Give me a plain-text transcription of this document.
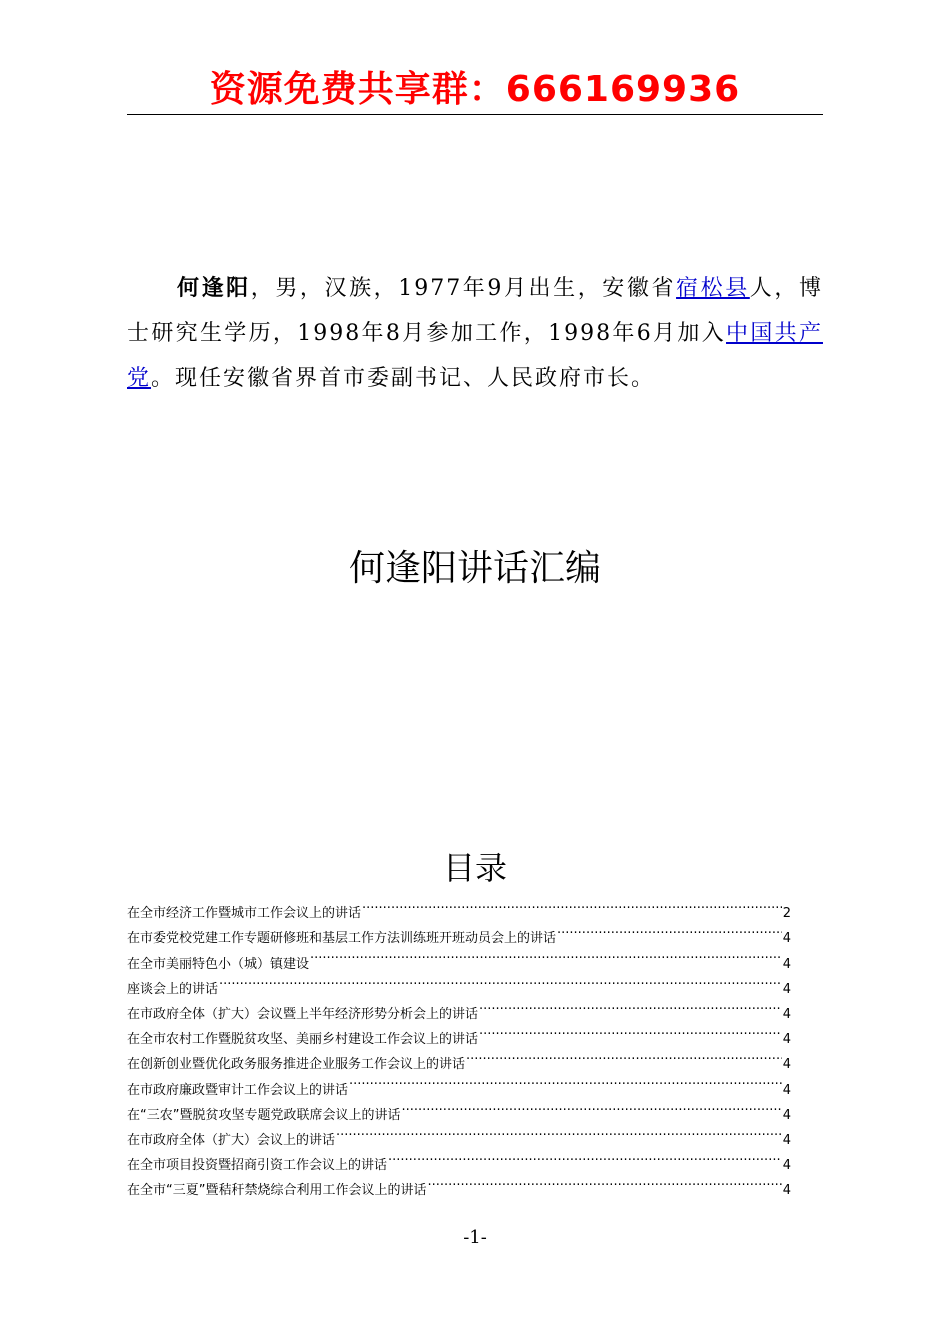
资源免费共享群：666169936

何逢阳，男，汉族，1977年9月出生，安徽省宿松县人，博士研究生学历，1998年8月参加工作，1998年6月加入中国共产党。现任安徽省界首市委副书记、人民政府市长。

何逢阳讲话汇编
目录
在全市经济工作暨城市工作会议上的讲话 .....	2
在市委党校党建工作专题研修班和基层工作方法训练班开班动员会上的讲话 .....	4
在全市美丽特色小（城）镇建设 .....	4
座谈会上的讲话 .....	4
在市政府全体（扩大）会议暨上半年经济形势分析会上的讲话 .....	4
在全市农村工作暨脱贫攻坚、美丽乡村建设工作会议上的讲话 .....	4
在创新创业暨优化政务服务推进企业服务工作会议上的讲话 .....	4
在市政府廉政暨审计工作会议上的讲话 .....	4
在“三农”暨脱贫攻坚专题党政联席会议上的讲话 .....	4
在市政府全体（扩大）会议上的讲话 .....	4
在全市项目投资暨招商引资工作会议上的讲话 .....	4
在全市“三夏”暨秸秆禁烧综合利用工作会议上的讲话 .....	4
-1-
